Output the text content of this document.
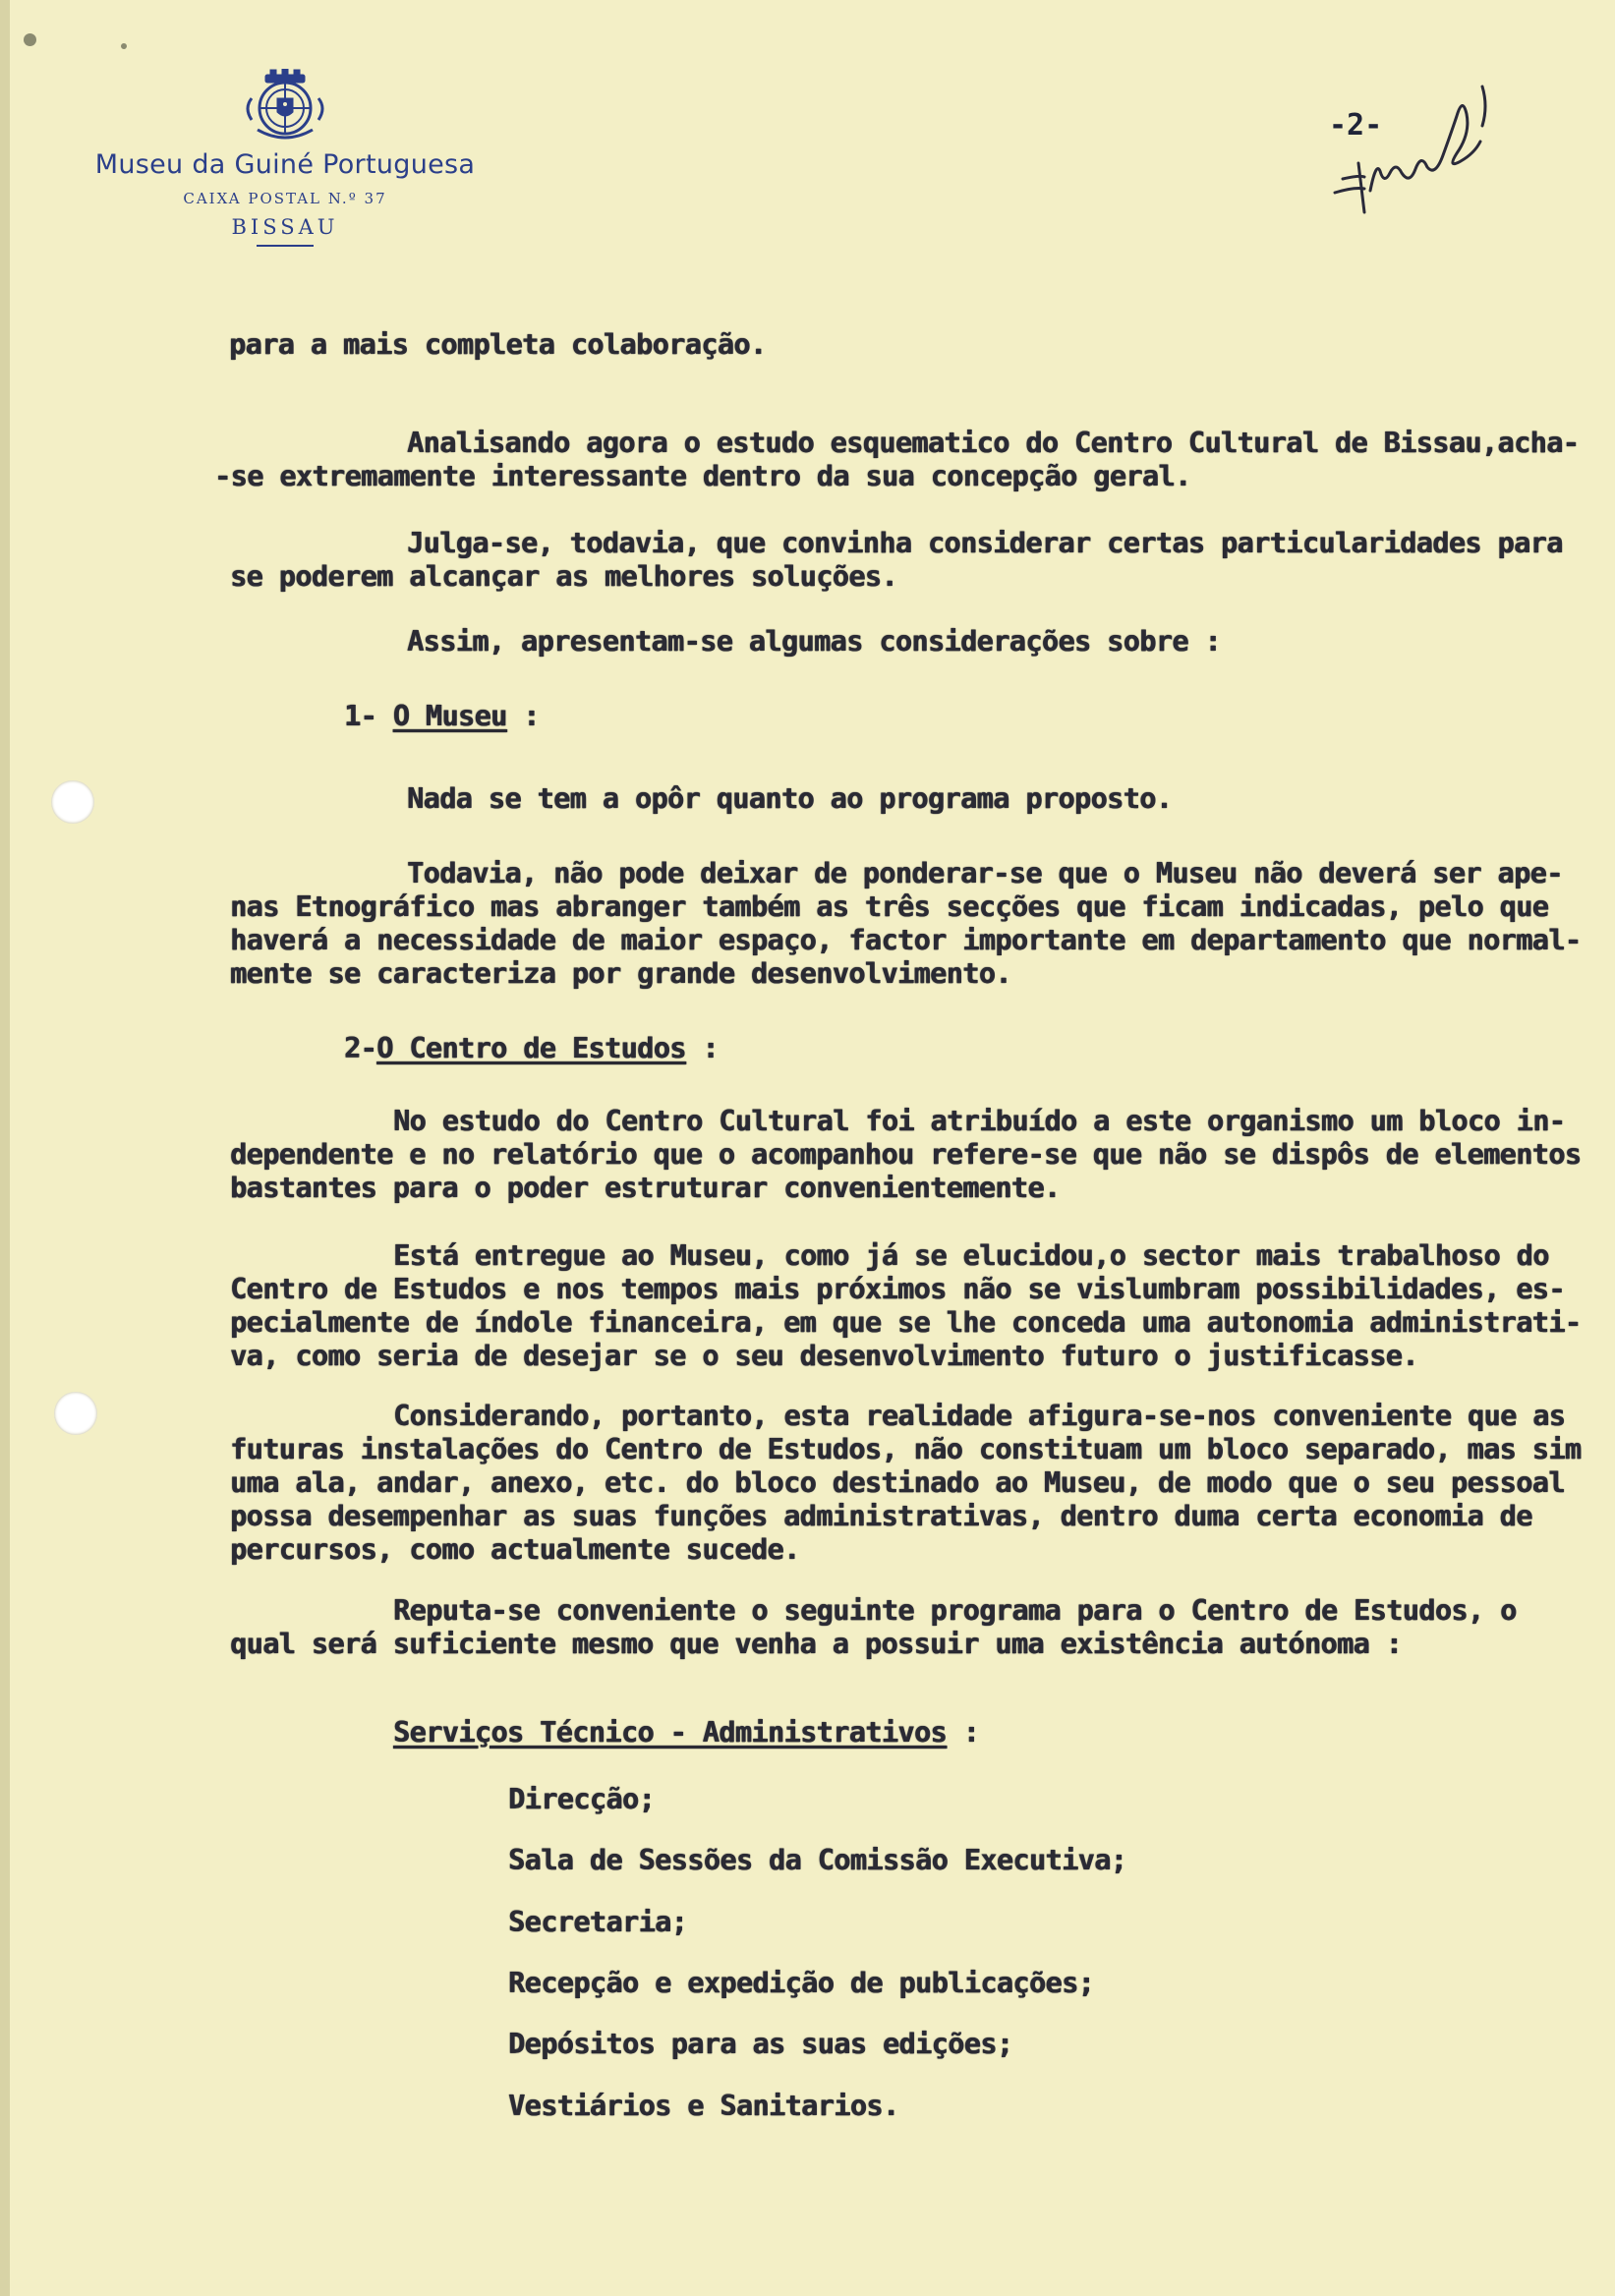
Museu da Guiné Portuguesa
CAIXA POSTAL N.º 37
BISSAU
-2-
para a mais completa colaboração.
Analisando agora o estudo esquematico do Centro Cultural de Bissau,acha-
-se extremamente interessante dentro da sua concepção geral.
Julga-se, todavia, que convinha considerar certas particularidades para
se poderem alcançar as melhores soluções.
Assim, apresentam-se algumas considerações sobre :
1- O Museu :
Nada se tem a opôr quanto ao programa proposto.
Todavia, não pode deixar de ponderar-se que o Museu não deverá ser ape-
nas Etnográfico mas abranger também as três secções que ficam indicadas, pelo que
haverá a necessidade de maior espaço, factor importante em departamento que normal-
mente se caracteriza por grande desenvolvimento.
2-O Centro de Estudos :
No estudo do Centro Cultural foi atribuído a este organismo um bloco in-
dependente e no relatório que o acompanhou refere-se que não se dispôs de elementos
bastantes para o poder estruturar convenientemente.
Está entregue ao Museu, como já se elucidou,o sector mais trabalhoso do
Centro de Estudos e nos tempos mais próximos não se vislumbram possibilidades, es-
pecialmente de índole financeira, em que se lhe conceda uma autonomia administrati-
va, como seria de desejar se o seu desenvolvimento futuro o justificasse.
Considerando, portanto, esta realidade afigura-se-nos conveniente que as
futuras instalações do Centro de Estudos, não constituam um bloco separado, mas sim
uma ala, andar, anexo, etc. do bloco destinado ao Museu, de modo que o seu pessoal
possa desempenhar as suas funções administrativas, dentro duma certa economia de
percursos, como actualmente sucede.
Reputa-se conveniente o seguinte programa para o Centro de Estudos, o
qual será suficiente mesmo que venha a possuir uma existência autónoma :
Serviços Técnico - Administrativos :
Direcção;
Sala de Sessões da Comissão Executiva;
Secretaria;
Recepção e expedição de publicações;
Depósitos para as suas edições;
Vestiários e Sanitarios.
